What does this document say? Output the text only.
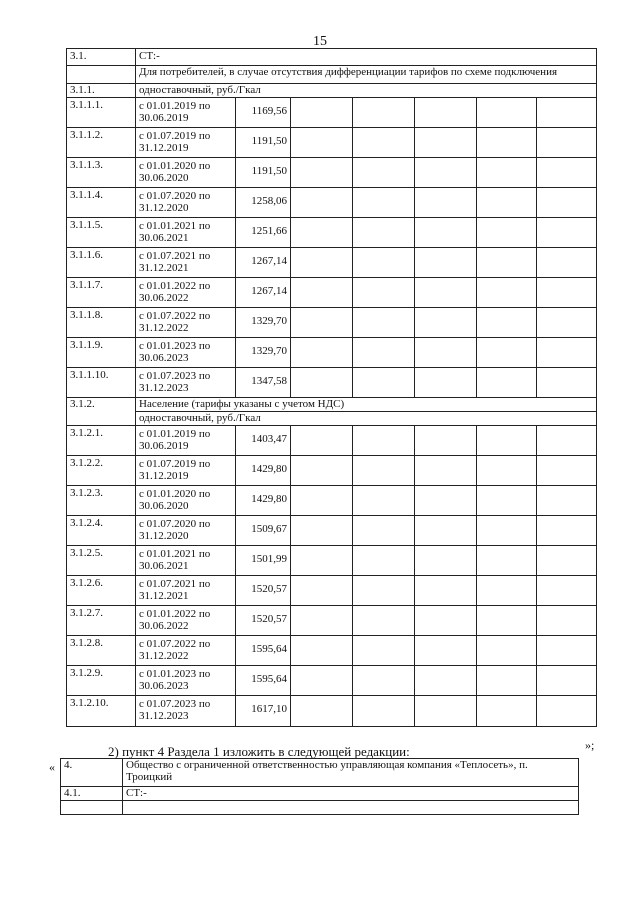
15
3.1.	СТ:-						
	Для потребителей, в случае отсутствия дифференциации тарифов по схеме подключения						
3.1.1.	одноставочный, руб./Гкал						
3.1.1.1.	с 01.01.2019 по 30.06.2019	1169,56					
3.1.1.2.	с 01.07.2019 по 31.12.2019	1191,50					
3.1.1.3.	с 01.01.2020 по 30.06.2020	1191,50					
3.1.1.4.	с 01.07.2020 по 31.12.2020	1258,06					
3.1.1.5.	с 01.01.2021 по 30.06.2021	1251,66					
3.1.1.6.	с 01.07.2021 по 31.12.2021	1267,14					
3.1.1.7.	с 01.01.2022 по 30.06.2022	1267,14					
3.1.1.8.	с 01.07.2022 по 31.12.2022	1329,70					
3.1.1.9.	с 01.01.2023 по 30.06.2023	1329,70					
3.1.1.10.	с 01.07.2023 по 31.12.2023	1347,58					
3.1.2.	Население (тарифы указаны с учетом НДС)						
	одноставочный, руб./Гкал						
3.1.2.1.	с 01.01.2019 по 30.06.2019	1403,47					
3.1.2.2.	с 01.07.2019 по 31.12.2019	1429,80					
3.1.2.3.	с 01.01.2020 по 30.06.2020	1429,80					
3.1.2.4.	с 01.07.2020 по 31.12.2020	1509,67					
3.1.2.5.	с 01.01.2021 по 30.06.2021	1501,99					
3.1.2.6.	с 01.07.2021 по 31.12.2021	1520,57					
3.1.2.7.	с 01.01.2022 по 30.06.2022	1520,57					
3.1.2.8.	с 01.07.2022 по 31.12.2022	1595,64					
3.1.2.9.	с 01.01.2023 по 30.06.2023	1595,64					
3.1.2.10.	с 01.07.2023 по 31.12.2023	1617,10					
2) пункт 4 Раздела 1 изложить в следующей редакции:	»;
« 4.	Общество с ограниченной ответственностью управляющая компания «Теплосеть», п. Троицкий
4.1.	СТ:-
